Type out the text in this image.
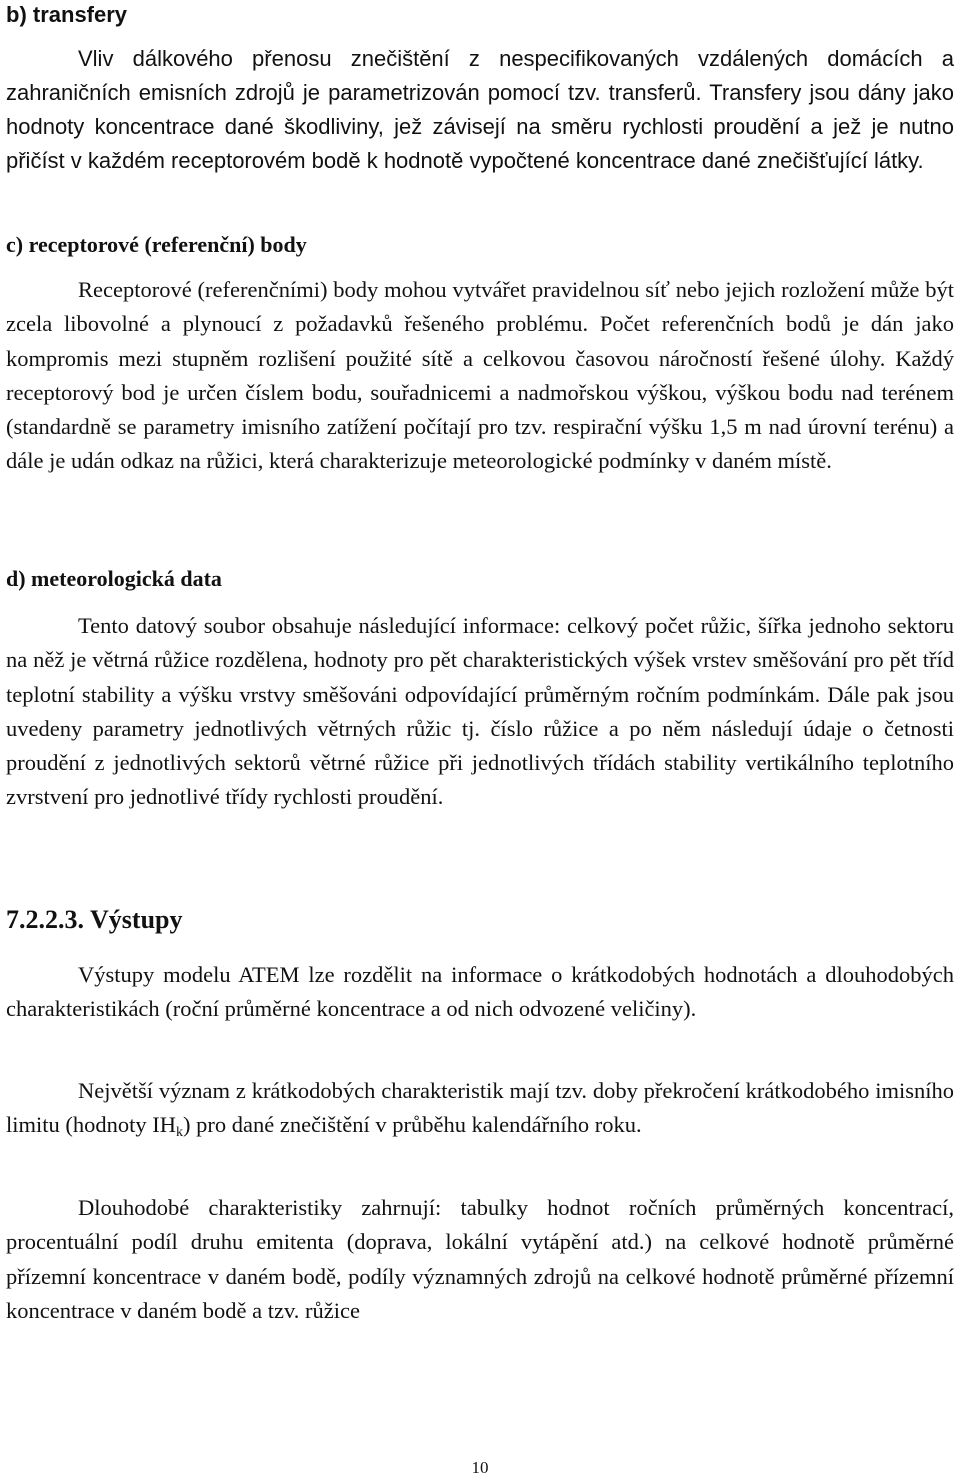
b) transfery

Vliv dálkového přenosu znečištění z nespecifikovaných vzdálených domácích a zahraničních emisních zdrojů je parametrizován pomocí tzv. transferů. Transfery jsou dány jako hodnoty koncentrace dané škodliviny, jež závisejí na směru rychlosti proudění a jež je nutno přičíst v každém receptorovém bodě k hodnotě vypočtené koncentrace dané znečišťující látky.

c) receptorové (referenční) body

Receptorové (referenčními) body mohou vytvářet pravidelnou síť nebo jejich rozložení může být zcela libovolné a plynoucí z požadavků řešeného problému. Počet referenčních bodů je dán jako kompromis mezi stupněm rozlišení použité sítě a celkovou časovou náročností řešené úlohy. Každý receptorový bod je určen číslem bodu, souřadnicemi a nadmořskou výškou, výškou bodu nad terénem (standardně se parametry imisního zatížení počítají pro tzv. respirační výšku 1,5 m nad úrovní terénu) a dále je udán odkaz na růžici, která charakterizuje meteorologické podmínky v daném místě.

d) meteorologická data

Tento datový soubor obsahuje následující informace: celkový počet růžic, šířka jednoho sektoru na něž je větrná růžice rozdělena, hodnoty pro pět charakteristických výšek vrstev směšování pro pět tříd teplotní stability a výšku vrstvy směšováni odpovídající průměrným ročním podmínkám. Dále pak jsou uvedeny parametry jednotlivých větrných růžic tj. číslo růžice a po něm následují údaje o četnosti proudění z jednotlivých sektorů větrné růžice při jednotlivých třídách stability vertikálního teplotního zvrstvení pro jednotlivé třídy rychlosti proudění.

7.2.2.3. Výstupy

Výstupy modelu ATEM lze rozdělit na informace o krátkodobých hodnotách a dlouhodobých charakteristikách (roční průměrné koncentrace a od nich odvozené veličiny).

Největší význam z krátkodobých charakteristik mají tzv. doby překročení krátkodobého imisního limitu (hodnoty $IH_k$) pro dané znečištění v průběhu kalendářního roku.

Dlouhodobé charakteristiky zahrnují: tabulky hodnot ročních průměrných koncentrací, procentuální podíl druhu emitenta (doprava, lokální vytápění atd.) na celkové hodnotě průměrné přízemní koncentrace v daném bodě, podíly významných zdrojů na celkové hodnotě průměrné přízemní koncentrace v daném bodě a tzv. růžice

10
